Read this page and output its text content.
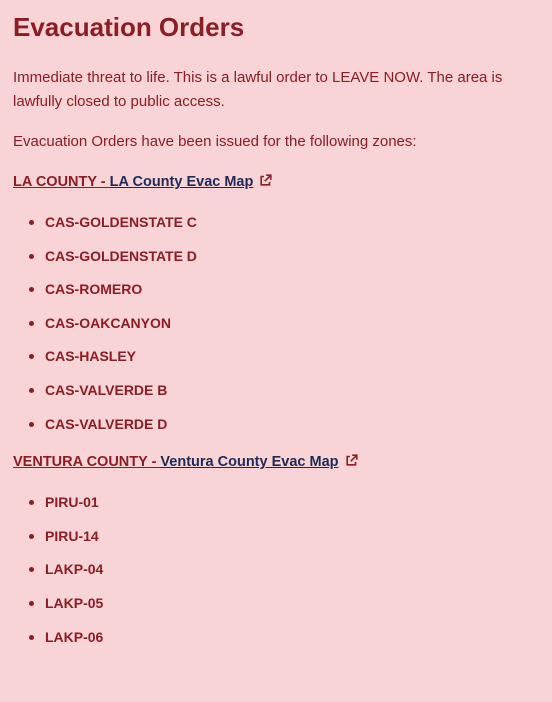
Evacuation Orders

Immediate threat to life. This is a lawful order to LEAVE NOW. The area is lawfully closed to public access.

Evacuation Orders have been issued for the following zones:

LA COUNTY - LA County Evac Map
CAS-GOLDENSTATE C
CAS-GOLDENSTATE D
CAS-ROMERO
CAS-OAKCANYON
CAS-HASLEY
CAS-VALVERDE B
CAS-VALVERDE D
VENTURA COUNTY - Ventura County Evac Map
PIRU-01
PIRU-14
LAKP-04
LAKP-05
LAKP-06
